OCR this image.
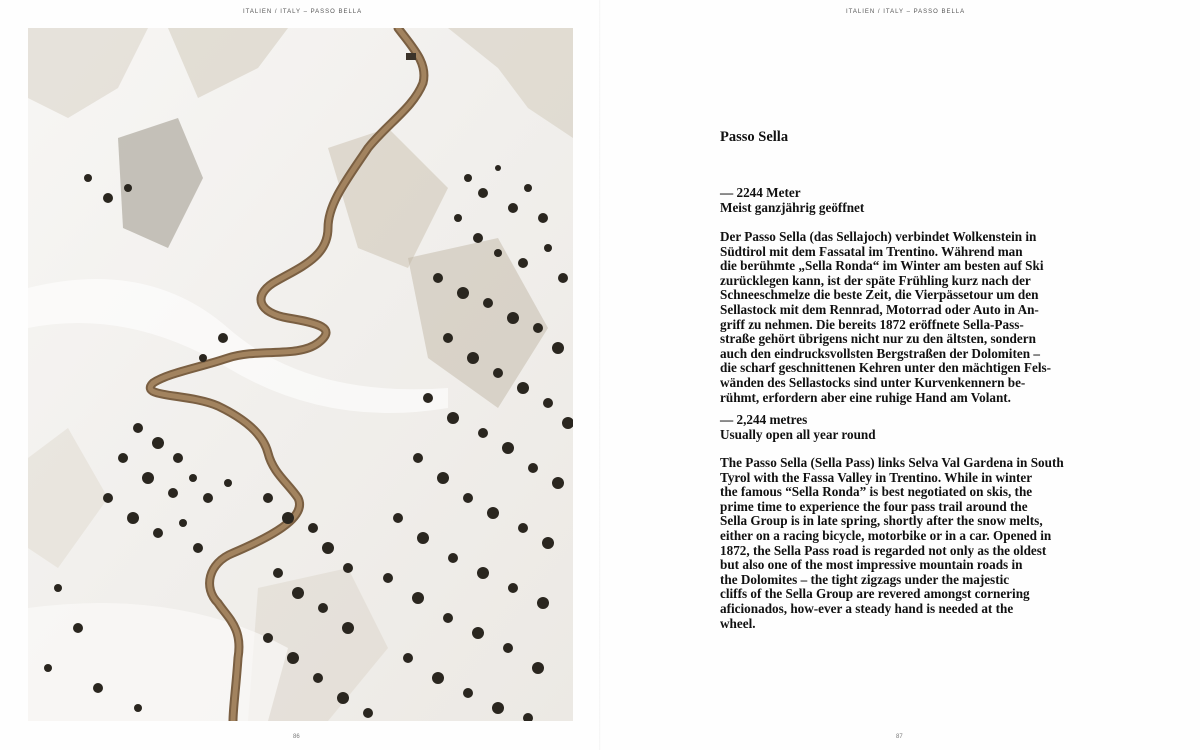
ITALIEN / ITALY – PASSO BELLA
86
ITALIEN / ITALY – PASSO BELLA
Passo Sella
— 2244 Meter
Meist ganzjährig geöffnet
Der Passo Sella (das Sellajoch) verbindet Wolkenstein in
Südtirol mit dem Fassatal im Trentino. Während man
die berühmte „Sella Ronda“ im Winter am besten auf Ski
zurücklegen kann, ist der späte Frühling kurz nach der
Schneeschmelze die beste Zeit, die Vierpässetour um den
Sellastock mit dem Rennrad, Motorrad oder Auto in An-
griff zu nehmen. Die bereits 1872 eröffnete Sella-Pass-
straße gehört übrigens nicht nur zu den ältsten, sondern
auch den eindrucksvollsten Bergstraßen der Dolomiten –
die scharf geschnittenen Kehren unter den mächtigen Fels-
wänden des Sellastocks sind unter Kurvenkennern be-
rühmt, erfordern aber eine ruhige Hand am Volant.
— 2,244 metres
Usually open all year round
The Passo Sella (Sella Pass) links Selva Val Gardena in South
Tyrol with the Fassa Valley in Trentino. While in winter
the famous “Sella Ronda” is best negotiated on skis, the
prime time to experience the four pass trail around the
Sella Group is in late spring, shortly after the snow melts,
either on a racing bicycle, motorbike or in a car. Opened in
1872, the Sella Pass road is regarded not only as the oldest
but also one of the most impressive mountain roads in
the Dolomites – the tight zigzags under the majestic
cliffs of the Sella Group are revered amongst cornering
aficionados, how-ever a steady hand is needed at the
wheel.
87
